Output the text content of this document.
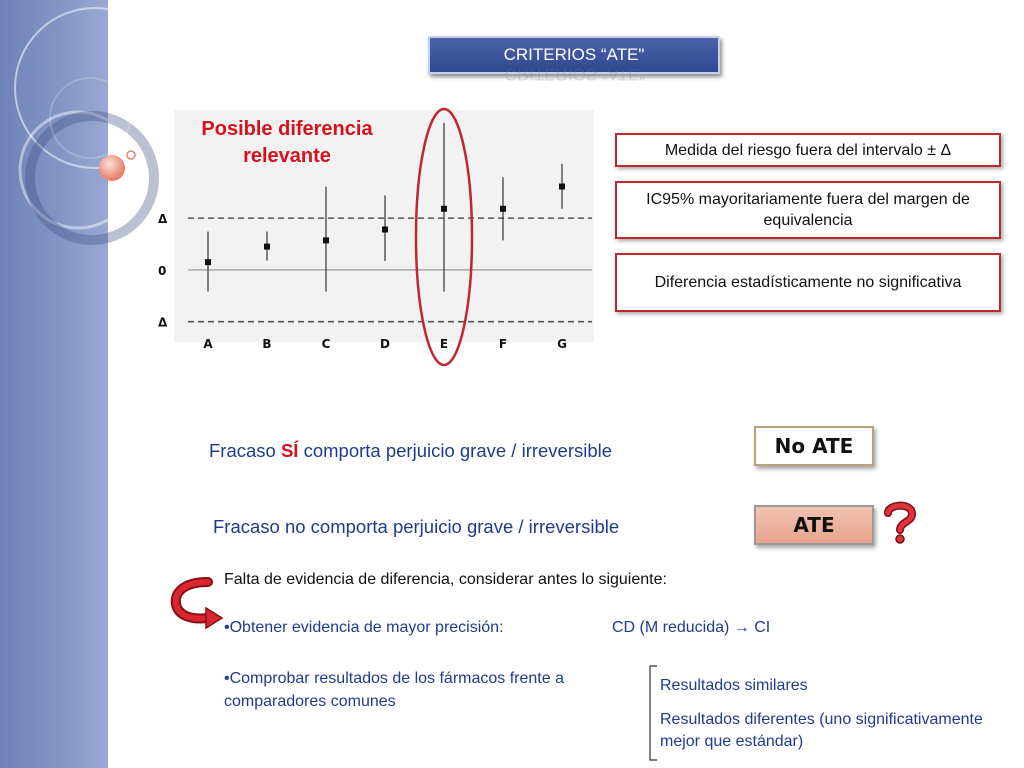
CRITERIOS “ATE"
CRITERIOS “ATE"
Δ
0
Δ
A	B	C	D	E	F	G
Posible diferencia relevante	Medida del riesgo fuera del intervalo ± Δ
IC95% mayoritariamente fuera del margen de equivalencia
Diferencia estadísticamente no significativa
Fracaso SÍ comporta perjuicio grave / irreversible	No ATE
Fracaso no comporta perjuicio grave / irreversible	ATE
Falta de evidencia de diferencia, considerar antes lo siguiente:
•Obtener evidencia de mayor precisión:	CD (M reducida) → CI
•Comprobar resultados de los fármacos frente a
comparadores comunes
Resultados similares
Resultados diferentes (uno significativamente mejor que estándar)
